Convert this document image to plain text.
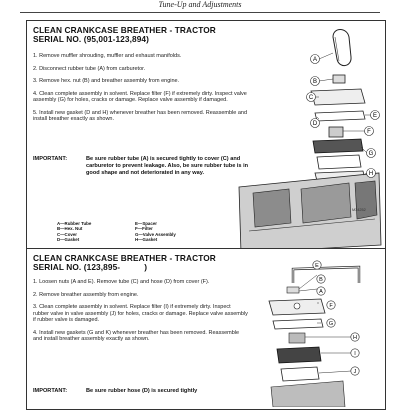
Tune-Up and Adjustments
CLEAN CRANKCASE BREATHER - TRACTOR
SERIAL NO. (95,001-123,894)

1. Remove muffler shrouding, muffler and exhaust manifolds.

2. Disconnect rubber tube (A) from carburetor.

3. Remove hex. nut (B) and breather assembly from engine.

4. Clean complete assembly in solvent. Replace filter (F) if extremely dirty. Inspect valve assembly (G) for holes, cracks or damage. Replace valve assembly if damaged.

5. Install new gasket (D and H) whenever breather has been removed. Reassemble and install breather exactly as shown.

IMPORTANT:	Be sure rubber tube (A) is secured tightly to cover (C) and carburetor to prevent leakage. Also, be sure rubber tube is in good shape and not deteriorated in any way.
A—Rubber Tube
B—Hex. Nut
C—Cover
D—Gasket
E—Spacer
F—Filter
G—Valve Assembly
H—Gasket
A
B
C
D
E
F
G
H
M34252
CLEAN CRANKCASE BREATHER - TRACTOR
SERIAL NO. (123,895-          )

1. Loosen nuts (A and E). Remove tube (C) and hose (D) from cover (F).

2. Remove breather assembly from engine.

3. Clean complete assembly in solvent. Replace filter (I) if extremely dirty. Inspect rubber valve in valve assembly (J) for holes, cracks or damage. Replace valve assembly if rubber valve is damaged.

4. Install new gaskets (G and K) whenever breather has been removed. Reassemble and install breather assembly exactly as shown.

IMPORTANT:	Be sure rubber hose (D) is secured tightly
E
B
A
F
G
H
I
J
